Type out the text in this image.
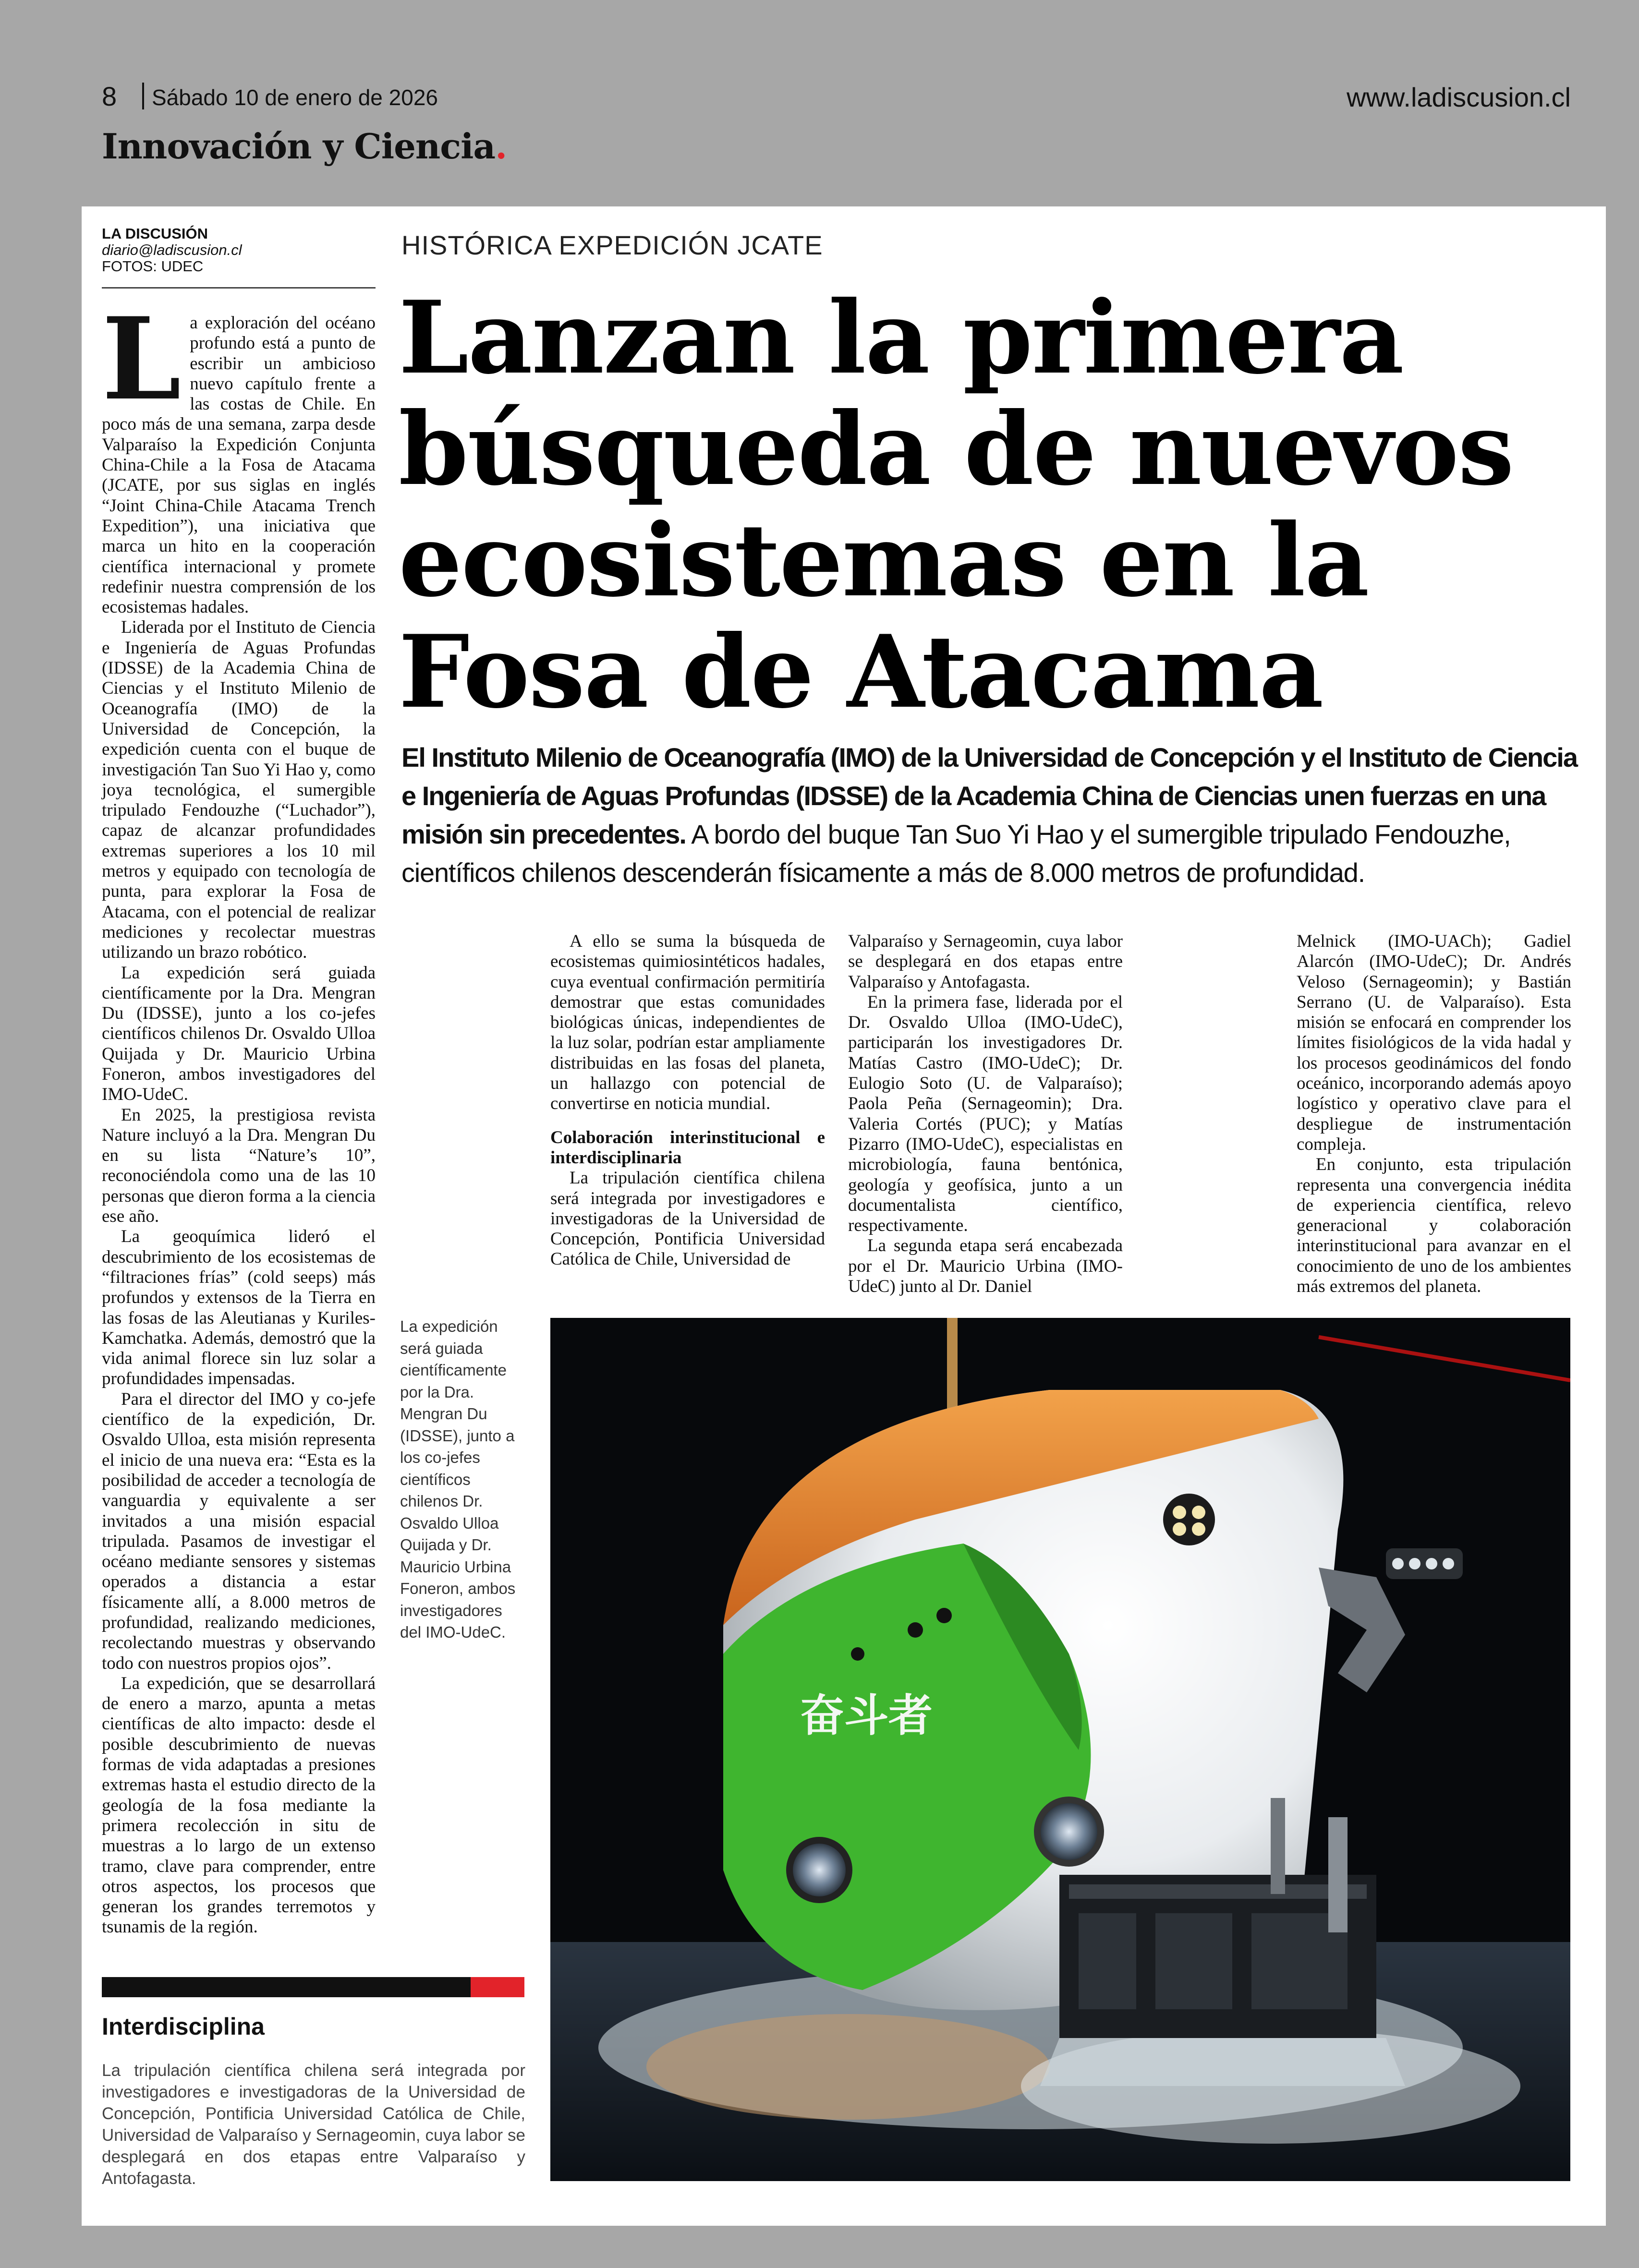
8 Sábado 10 de enero de 2026	www.ladiscusion.cl
Innovación y Ciencia.
LA DISCUSIÓN
diario@ladiscusion.cl
FOTOS: UDEC

La exploración del océano profundo está a punto de escribir un ambicioso nuevo capítulo frente a las costas de Chile. En poco más de una semana, zarpa desde Valparaíso la Expedición Conjunta China-Chile a la Fosa de Atacama (JCATE, por sus siglas en inglés “Joint China-Chile Atacama Trench Expedition”), una iniciativa que marca un hito en la cooperación científica internacional y promete redefinir nuestra comprensión de los ecosistemas hadales.

Liderada por el Instituto de Ciencia e Ingeniería de Aguas Profundas (IDSSE) de la Academia China de Ciencias y el Instituto Milenio de Oceanografía (IMO) de la Universidad de Concepción, la expedición cuenta con el buque de investigación Tan Suo Yi Hao y, como joya tecnológica, el sumergible tripulado Fendouzhe (“Luchador”), capaz de alcanzar profundidades extremas superiores a los 10 mil metros y equipado con tecnología de punta, para explorar la Fosa de Atacama, con el potencial de realizar mediciones y recolectar muestras utilizando un brazo robótico.

La expedición será guiada científicamente por la Dra. Mengran Du (IDSSE), junto a los co-jefes científicos chilenos Dr. Osvaldo Ulloa Quijada y Dr. Mauricio Urbina Foneron, ambos investigadores del IMO-UdeC.

En 2025, la prestigiosa revista Nature incluyó a la Dra. Mengran Du en su lista “Nature’s 10”, reconociéndola como una de las 10 personas que dieron forma a la ciencia ese año.

La geoquímica lideró el descubrimiento de los ecosistemas de “filtraciones frías” (cold seeps) más profundos y extensos de la Tierra en las fosas de las Aleutianas y Kuriles-Kamchatka. Además, demostró que la vida animal florece sin luz solar a profundidades impensadas.

Para el director del IMO y co-jefe científico de la expedición, Dr. Osvaldo Ulloa, esta misión representa el inicio de una nueva era: “Esta es la posibilidad de acceder a tecnología de vanguardia y equivalente a ser invitados a una misión espacial tripulada. Pasamos de investigar el océano mediante sensores y sistemas operados a distancia a estar físicamente allí, a 8.000 metros de profundidad, realizando mediciones, recolectando muestras y observando todo con nuestros propios ojos”.

La expedición, que se desarrollará de enero a marzo, apunta a metas científicas de alto impacto: desde el posible descubrimiento de nuevas formas de vida adaptadas a presiones extremas hasta el estudio directo de la geología de la fosa mediante la primera recolección in situ de muestras a lo largo de un extenso tramo, clave para comprender, entre otros aspectos, los procesos que generan los grandes terremotos y tsunamis de la región.

HISTÓRICA EXPEDICIÓN JCATE
Lanzan la primera búsqueda de nuevos ecosistemas en la Fosa de Atacama

El Instituto Milenio de Oceanografía (IMO) de la Universidad de Concepción y el Instituto de Ciencia e Ingeniería de Aguas Profundas (IDSSE) de la Academia China de Ciencias unen fuerzas en una misión sin precedentes. A bordo del buque Tan Suo Yi Hao y el sumergible tripulado Fendouzhe, científicos chilenos descenderán físicamente a más de 8.000 metros de profundidad.

A ello se suma la búsqueda de ecosistemas quimiosintéticos hadales, cuya eventual confirmación permitiría demostrar que estas comunidades biológicas únicas, independientes de la luz solar, podrían estar ampliamente distribuidas en las fosas del planeta, un hallazgo con potencial de convertirse en noticia mundial.

Colaboración interinstitucional e interdisciplinaria

La tripulación científica chilena será integrada por investigadores e investigadoras de la Universidad de Concepción, Pontificia Universidad Católica de Chile, Universidad de

Valparaíso y Sernageomin, cuya labor se desplegará en dos etapas entre Valparaíso y Antofagasta.

En la primera fase, liderada por el Dr. Osvaldo Ulloa (IMO-UdeC), participarán los investigadores Dr. Matías Castro (IMO-UdeC); Dr. Eulogio Soto (U. de Valparaíso); Paola Peña (Sernageomin); Dra. Valeria Cortés (PUC); y Matías Pizarro (IMO-UdeC), especialistas en microbiología, fauna bentónica, geología y geofísica, junto a un documentalista científico, respectivamente.

La segunda etapa será encabezada por el Dr. Mauricio Urbina (IMO-UdeC) junto al Dr. Daniel

Melnick (IMO-UACh); Gadiel Alarcón (IMO-UdeC); Dr. Andrés Veloso (Sernageomin); y Bastián Serrano (U. de Valparaíso). Esta misión se enfocará en comprender los límites fisiológicos de la vida hadal y los procesos geodinámicos del fondo oceánico, incorporando además apoyo logístico y operativo clave para el despliegue de instrumentación compleja.

En conjunto, esta tripulación representa una convergencia inédita de experiencia científica, relevo generacional y colaboración interinstitucional para avanzar en el conocimiento de uno de los ambientes más extremos del planeta.

La expedición será guiada científicamente por la Dra. Mengran Du (IDSSE), junto a los co-jefes científicos chilenos Dr. Osvaldo Ulloa Quijada y Dr. Mauricio Urbina Foneron, ambos investigadores del IMO-UdeC.
奋斗者
Interdisciplina
La tripulación científica chilena será integrada por investigadores e investigadoras de la Universidad de Concepción, Pontificia Universidad Católica de Chile, Universidad de Valparaíso y Sernageomin, cuya labor se desplegará en dos etapas entre Valparaíso y Antofagasta.
